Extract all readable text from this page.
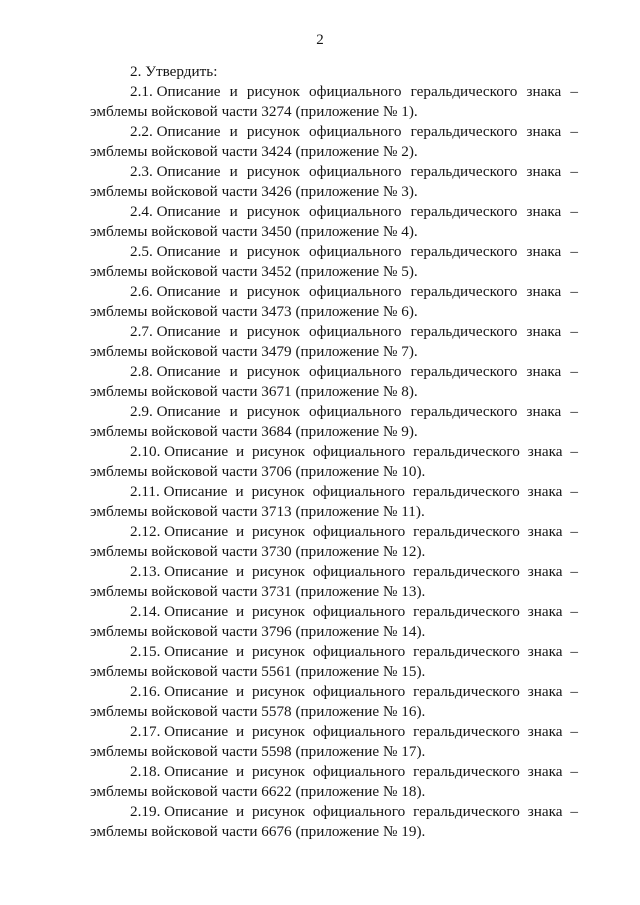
2
2. Утвердить:
2.1. Описание и рисунок официального геральдического знака –
эмблемы войсковой части 3274 (приложение № 1).
2.2. Описание и рисунок официального геральдического знака –
эмблемы войсковой части 3424 (приложение № 2).
2.3. Описание и рисунок официального геральдического знака –
эмблемы войсковой части 3426 (приложение № 3).
2.4. Описание и рисунок официального геральдического знака –
эмблемы войсковой части 3450 (приложение № 4).
2.5. Описание и рисунок официального геральдического знака –
эмблемы войсковой части 3452 (приложение № 5).
2.6. Описание и рисунок официального геральдического знака –
эмблемы войсковой части 3473 (приложение № 6).
2.7. Описание и рисунок официального геральдического знака –
эмблемы войсковой части 3479 (приложение № 7).
2.8. Описание и рисунок официального геральдического знака –
эмблемы войсковой части 3671 (приложение № 8).
2.9. Описание и рисунок официального геральдического знака –
эмблемы войсковой части 3684 (приложение № 9).
2.10. Описание и рисунок официального геральдического знака –
эмблемы войсковой части 3706 (приложение № 10).
2.11. Описание и рисунок официального геральдического знака –
эмблемы войсковой части 3713 (приложение № 11).
2.12. Описание и рисунок официального геральдического знака –
эмблемы войсковой части 3730 (приложение № 12).
2.13. Описание и рисунок официального геральдического знака –
эмблемы войсковой части 3731 (приложение № 13).
2.14. Описание и рисунок официального геральдического знака –
эмблемы войсковой части 3796 (приложение № 14).
2.15. Описание и рисунок официального геральдического знака –
эмблемы войсковой части 5561 (приложение № 15).
2.16. Описание и рисунок официального геральдического знака –
эмблемы войсковой части 5578 (приложение № 16).
2.17. Описание и рисунок официального геральдического знака –
эмблемы войсковой части 5598 (приложение № 17).
2.18. Описание и рисунок официального геральдического знака –
эмблемы войсковой части 6622 (приложение № 18).
2.19. Описание и рисунок официального геральдического знака –
эмблемы войсковой части 6676 (приложение № 19).
